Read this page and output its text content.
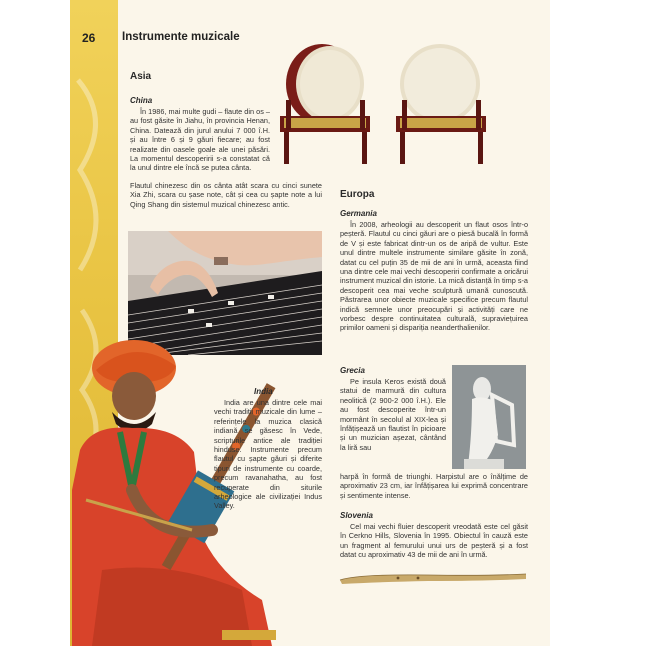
26 Instrumente muzicale
Asia
China

În 1986, mai multe gudi – flaute din os – au fost găsite în Jiahu, în provincia Henan, China. Datează din jurul anului 7 000 î.H. și au între 6 și 9 găuri fiecare; au fost realizate din oasele goale ale unei păsări. La momentul descoperirii s-a constatat că la unul dintre ele încă se putea cânta.

Flautul chinezesc din os cânta atât scara cu cinci sunete Xia Zhi, scara cu șase note, cât și cea cu șapte note a lui Qing Shang din sistemul muzical chinezesc antic.
India

India are una dintre cele mai vechi tradiții muzicale din lume – referințele la muzica clasică indiană se găsesc în Vede, scripturile antice ale tradiției hinduse. Instrumente precum flautul cu șapte găuri și diferite tipuri de instrumente cu coarde, precum ravanahatha, au fost recuperate din siturile arheologice ale civilizației Indus Valley.

Europa
Germania

În 2008, arheologii au descoperit un flaut osos într-o peșteră. Flautul cu cinci găuri are o piesă bucală în formă de V și este fabricat dintr-un os de aripă de vultur. Este unul dintre multele instrumente similare găsite în zonă, datat cu cel puțin 35 de mii de ani în urmă, aceasta fiind una dintre cele mai vechi descoperiri confirmate a oricărui instrument muzical din istorie. La mică distanță în timp s-a descoperit cea mai veche sculptură umană cunoscută. Păstrarea unor obiecte muzicale specifice precum flautul indică semnele unor preocupări și activități care ne vorbesc despre continuitatea culturală, supraviețuirea primilor oameni și dispariția neanderthalienilor.

Grecia

Pe insula Keros există două statui de marmură din cultura neolitică (2 900-2 000 î.H.). Ele au fost descoperite într-un mormânt în secolul al XIX-lea și înfățișează un flautist în picioare și un muzician așezat, cântând la liră sau

harpă în formă de triunghi. Harpistul are o înălțime de aproximativ 23 cm, iar înfățișarea lui exprimă concentrare și sentimente intense.

Slovenia

Cel mai vechi fluier descoperit vreodată este cel găsit în Cerkno Hills, Slovenia în 1995. Obiectul în cauză este un fragment al femurului unui urs de peșteră și a fost datat cu aproximativ 43 de mii de ani în urmă.
